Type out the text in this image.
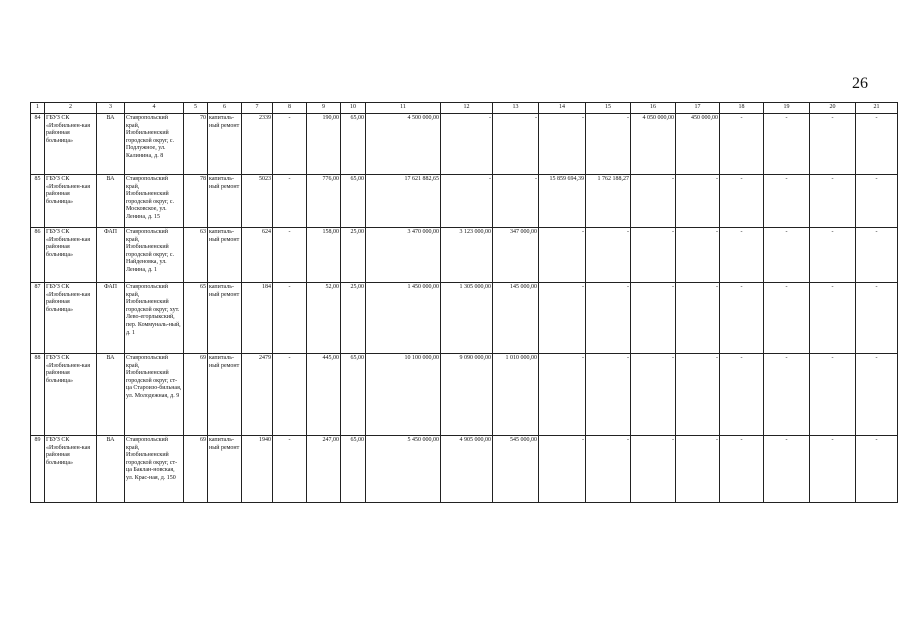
26
1	2	3	4	5	6	7	8	9	10	11	12	13	14	15	16	17	18	19	20	21
84	ГБУЗ СК «Изобильнен-кая районная больница»	ВА	Ставропольский край, Изобильненский городской округ, с. Подлужное, ул. Калинина, д. 8	70	капиталь-ный ремонт	2339	-	190,00	65,00	4 500 000,00	-	-	-	-	4 050 000,00	450 000,00	-	-	-	-
85	ГБУЗ СК «Изобильнен-кая районная больница»	ВА	Ставропольский край, Изобильненский городской округ, с. Московское, ул. Ленина, д. 15	78	капиталь-ный ремонт	5023	-	776,00	65,00	17 621 882,65	-	-	15 859 694,39	1 762 188,27	-	-	-	-	-	-
86	ГБУЗ СК «Изобильнен-кая районная больница»	ФАП	Ставропольский край, Изобильненский городской округ, с. Найденовка, ул. Ленина, д. 1	63	капиталь-ный ремонт	624	-	158,00	25,00	3 470 000,00	3 123 000,00	347 000,00	-	-	-	-	-	-	-	-
87	ГБУЗ СК «Изобильнен-кая районная больница»	ФАП	Ставропольский край, Изобильненский городской округ, хут. Лево-егорлыкский, пер. Коммуналь-ный, д. 1	65	капиталь-ный ремонт	184	-	52,00	25,00	1 450 000,00	1 305 000,00	145 000,00	-	-	-	-	-	-	-	-
88	ГБУЗ СК «Изобильнен-кая районная больница»	ВА	Ставропольский край, Изобильненский городской округ, ст-ца Староизо-бильная, ул. Молодежная, д. 9	69	капиталь-ный ремонт	2479	-	445,00	65,00	10 100 000,00	9 090 000,00	1 010 000,00	-	-	-	-	-	-	-	-
89	ГБУЗ СК «Изобильнен-кая районная больница»	ВА	Ставропольский край, Изобильненский городской округ, ст-ца Баклан-новская, ул. Крас-ная, д. 150	69	капиталь-ный ремонт	1940	-	247,00	65,00	5 450 000,00	4 905 000,00	545 000,00	-	-	-	-	-	-	-	-
